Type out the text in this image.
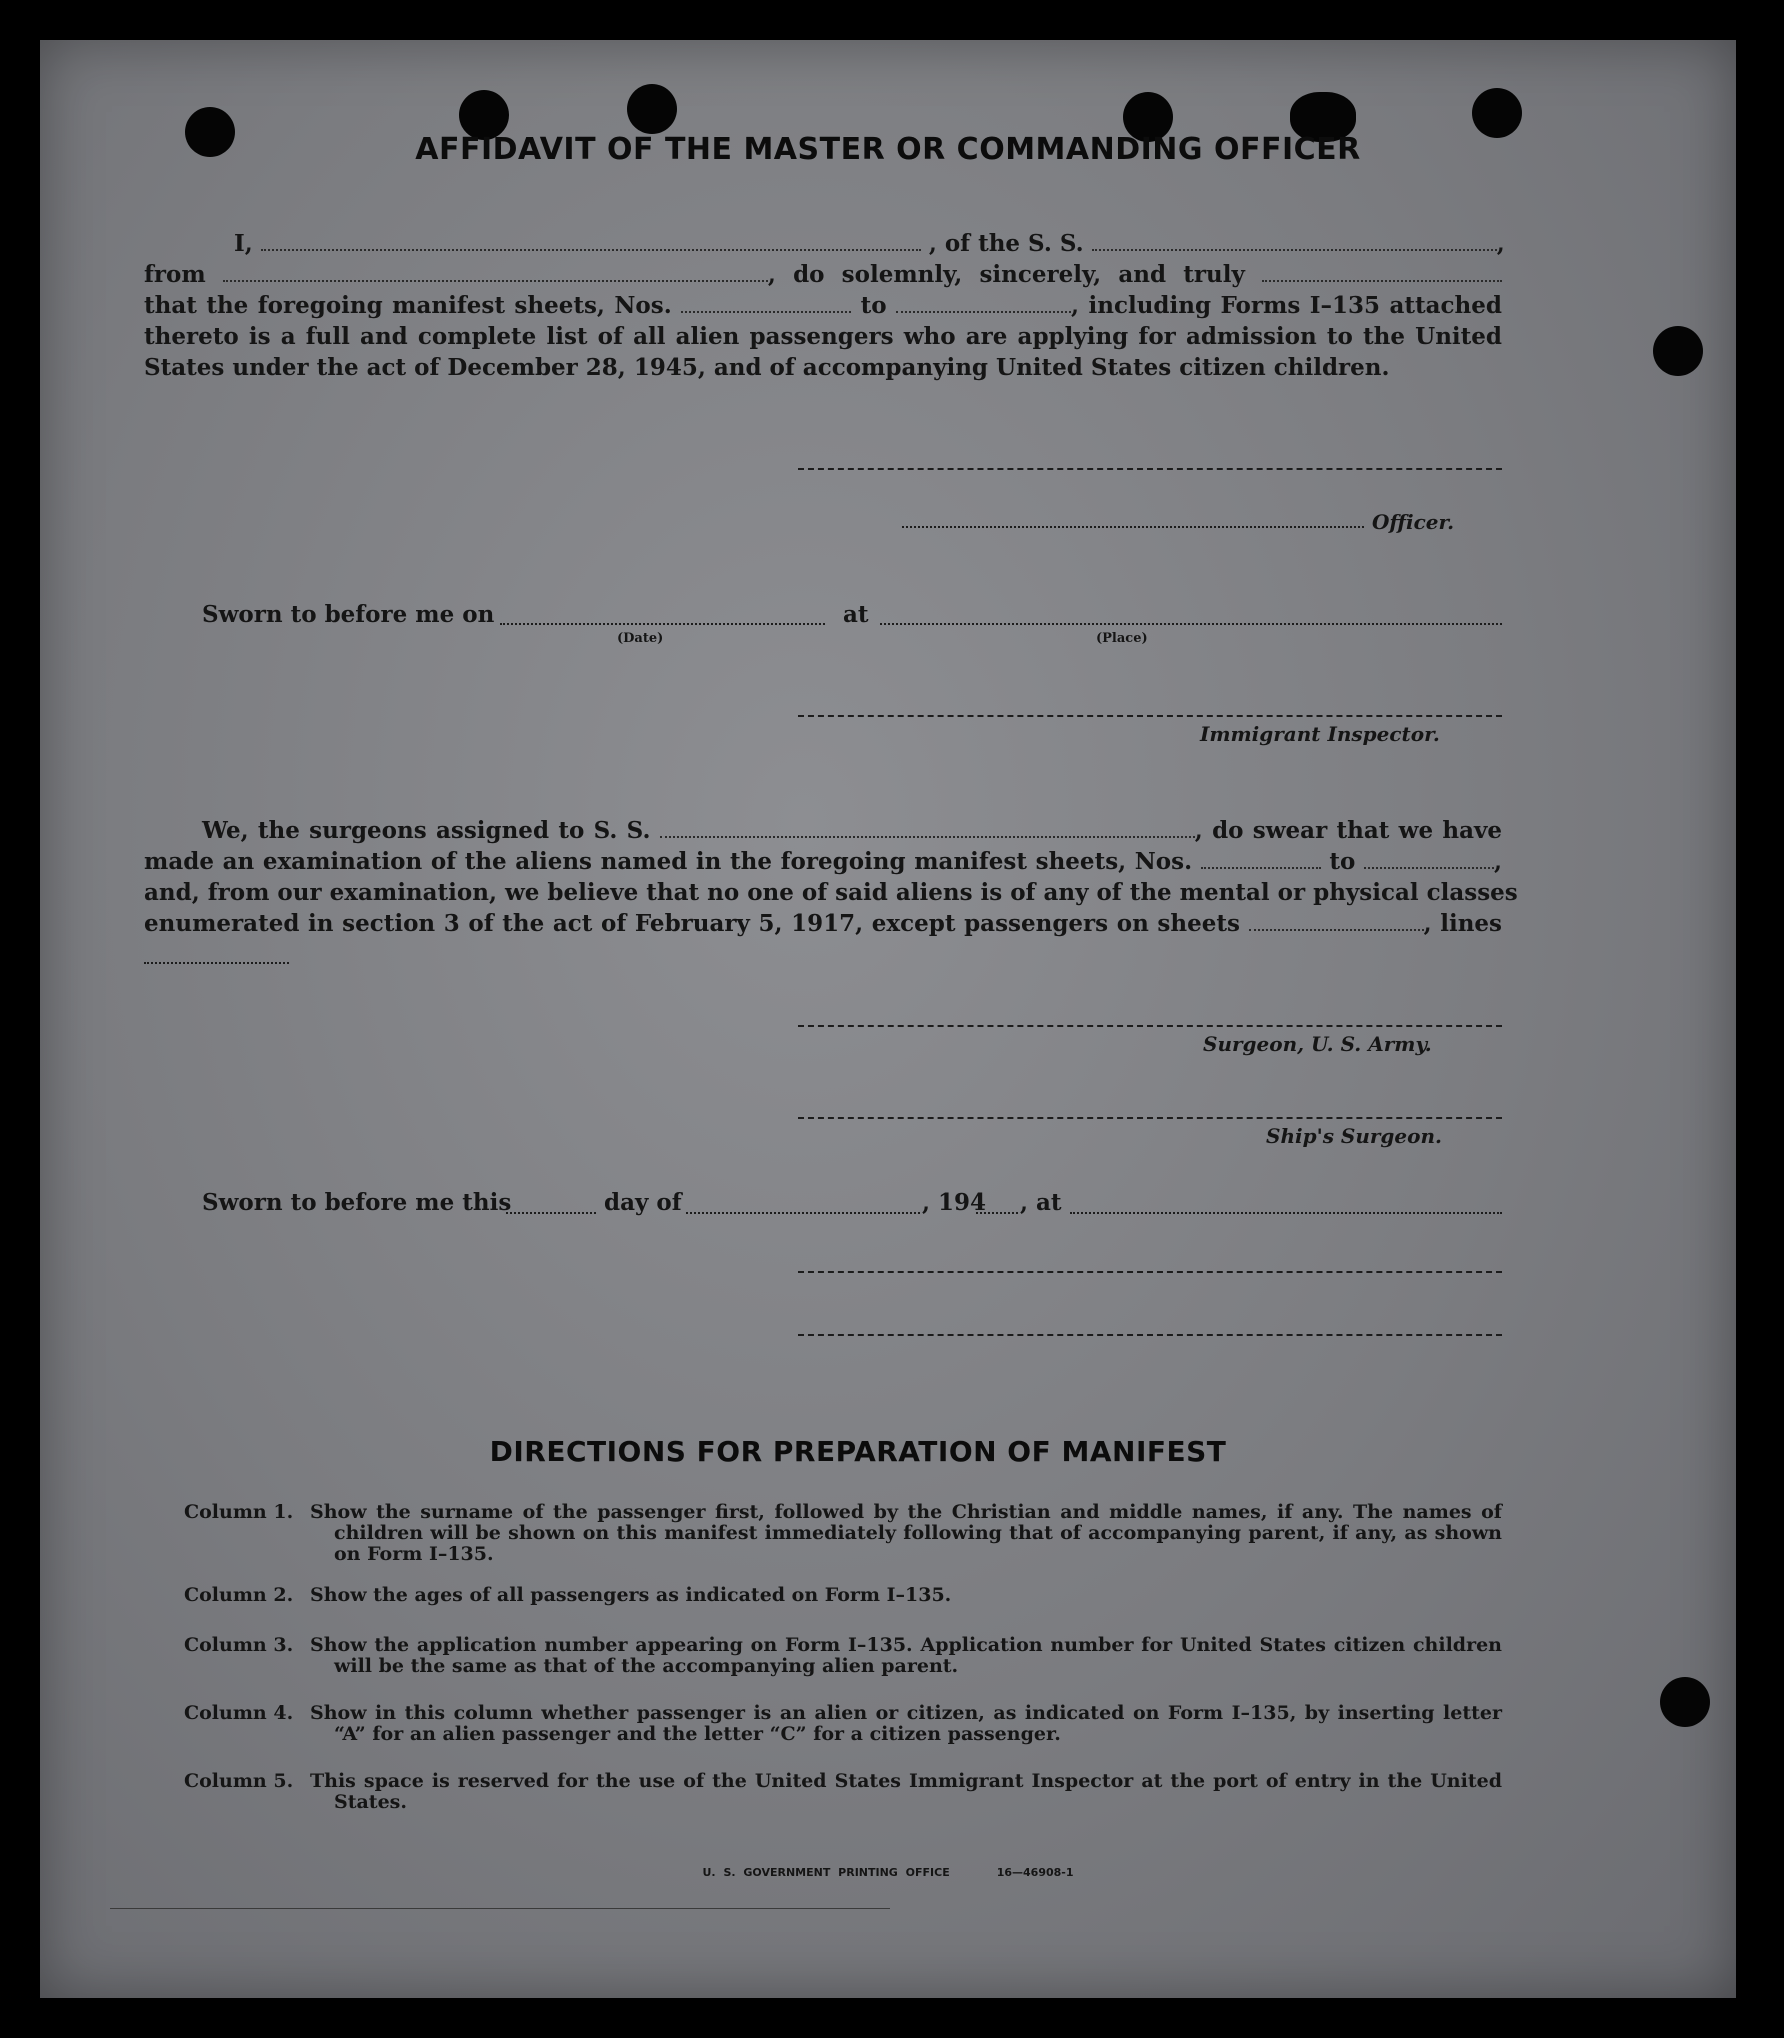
AFFIDAVIT OF THE MASTER OR COMMANDING OFFICER
I,	, of the S. S.	,
from	, do solemnly, sincerely, and truly
that the foregoing manifest sheets, Nos.	to	, including Forms I–135 attached
thereto is a full and complete list of all alien passengers who are applying for admission to the United
States under the act of December 28, 1945, and of accompanying United States citizen children.
Officer.
Sworn to before me on	at
(Date)	(Place)
Immigrant Inspector.
We, the surgeons assigned to S. S.	, do swear that we have
made an examination of the aliens named in the foregoing manifest sheets, Nos.	to	,
and, from our examination, we believe that no one of said aliens is of any of the mental or physical classes
enumerated in section 3 of the act of February 5, 1917, except passengers on sheets	, lines
Surgeon, U. S. Army.
Ship's Surgeon.
Sworn to before me this	day of	, 194 , at
DIRECTIONS FOR PREPARATION OF MANIFEST
Column 1. Show the surname of the passenger first, followed by the Christian and middle names, if any. The names of children will be shown on this manifest immediately following that of accompanying parent, if any, as shown on Form I–135.
Column 2. Show the ages of all passengers as indicated on Form I–135.
Column 3. Show the application number appearing on Form I–135. Application number for United States citizen children will be the same as that of the accompanying alien parent.
Column 4. Show in this column whether passenger is an alien or citizen, as indicated on Form I–135, by inserting letter “A” for an alien passenger and the letter “C” for a citizen passenger.
Column 5. This space is reserved for the use of the United States Immigrant Inspector at the port of entry in the United States.
U. S. GOVERNMENT PRINTING OFFICE	16—46908-1
